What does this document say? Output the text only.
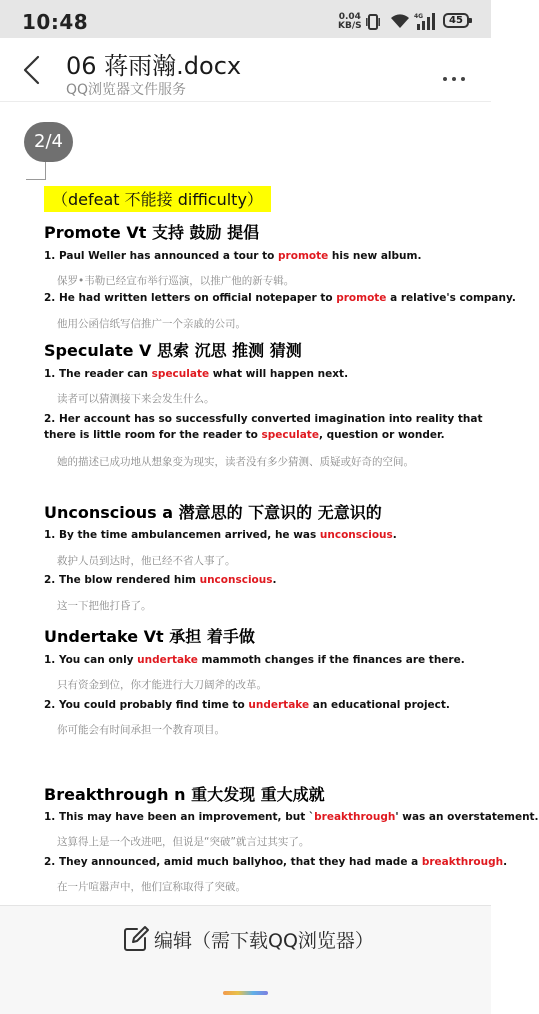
10:48	0.04
KB/S
4G	45
06 蒋雨瀚.docx
QQ浏览器文件服务
2/4
（defeat 不能接 difficulty）
Promote Vt 支持 鼓励 提倡
1. Paul Weller has announced a tour to promote his new album.
保罗•韦勒已经宣布举行巡演，以推广他的新专辑。
2. He had written letters on official notepaper to promote a relative's company.
他用公函信纸写信推广一个亲戚的公司。
Speculate V 思索 沉思 推测 猜测
1. The reader can speculate what will happen next.
读者可以猜测接下来会发生什么。
2. Her account has so successfully converted imagination into reality that there is little room for the reader to speculate, question or wonder.
她的描述已成功地从想象变为现实，读者没有多少猜测、质疑或好奇的空间。
Unconscious a 潜意思的 下意识的 无意识的
1. By the time ambulancemen arrived, he was unconscious.
救护人员到达时，他已经不省人事了。
2. The blow rendered him unconscious.
这一下把他打昏了。
Undertake Vt 承担 着手做
1. You can only undertake mammoth changes if the finances are there.
只有资金到位，你才能进行大刀阔斧的改革。
2. You could probably find time to undertake an educational project.
你可能会有时间承担一个教育项目。
Breakthrough n 重大发现 重大成就
1. This may have been an improvement, but `breakthrough' was an overstatement.
这算得上是一个改进吧，但说是“突破”就言过其实了。
2. They announced, amid much ballyhoo, that they had made a breakthrough.
在一片喧嚣声中，他们宣称取得了突破。
编辑（需下载QQ浏览器）
